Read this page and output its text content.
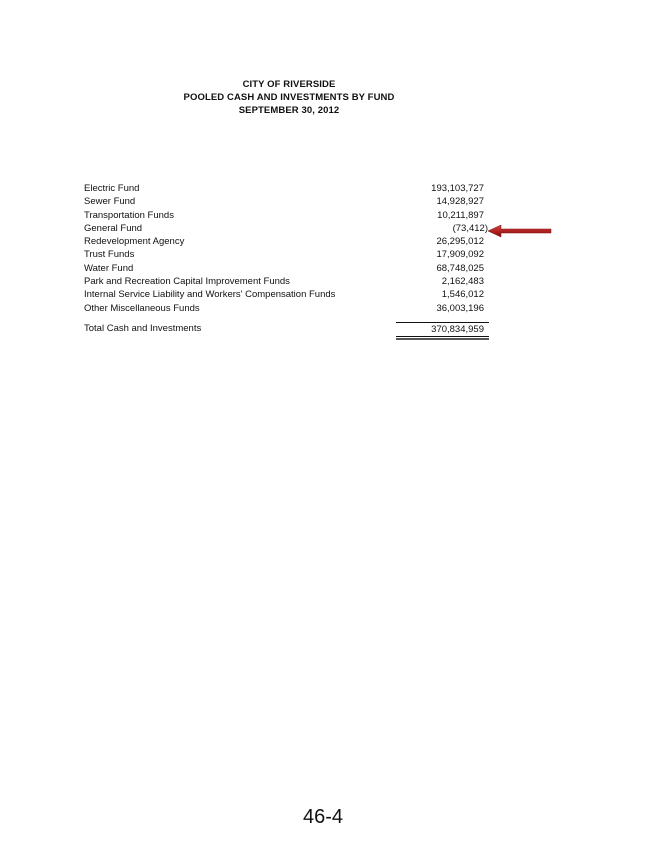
CITY OF RIVERSIDE
POOLED CASH AND INVESTMENTS BY FUND
SEPTEMBER 30, 2012
Electric Fund	193,103,727
Sewer Fund	14,928,927
Transportation Funds	10,211,897
General Fund	(73,412)
Redevelopment Agency	26,295,012
Trust Funds	17,909,092
Water Fund	68,748,025
Park and Recreation Capital Improvement Funds	2,162,483
Internal Service Liability and Workers' Compensation Funds	1,546,012
Other Miscellaneous Funds	36,003,196
Total Cash and Investments	370,834,959
46-4
